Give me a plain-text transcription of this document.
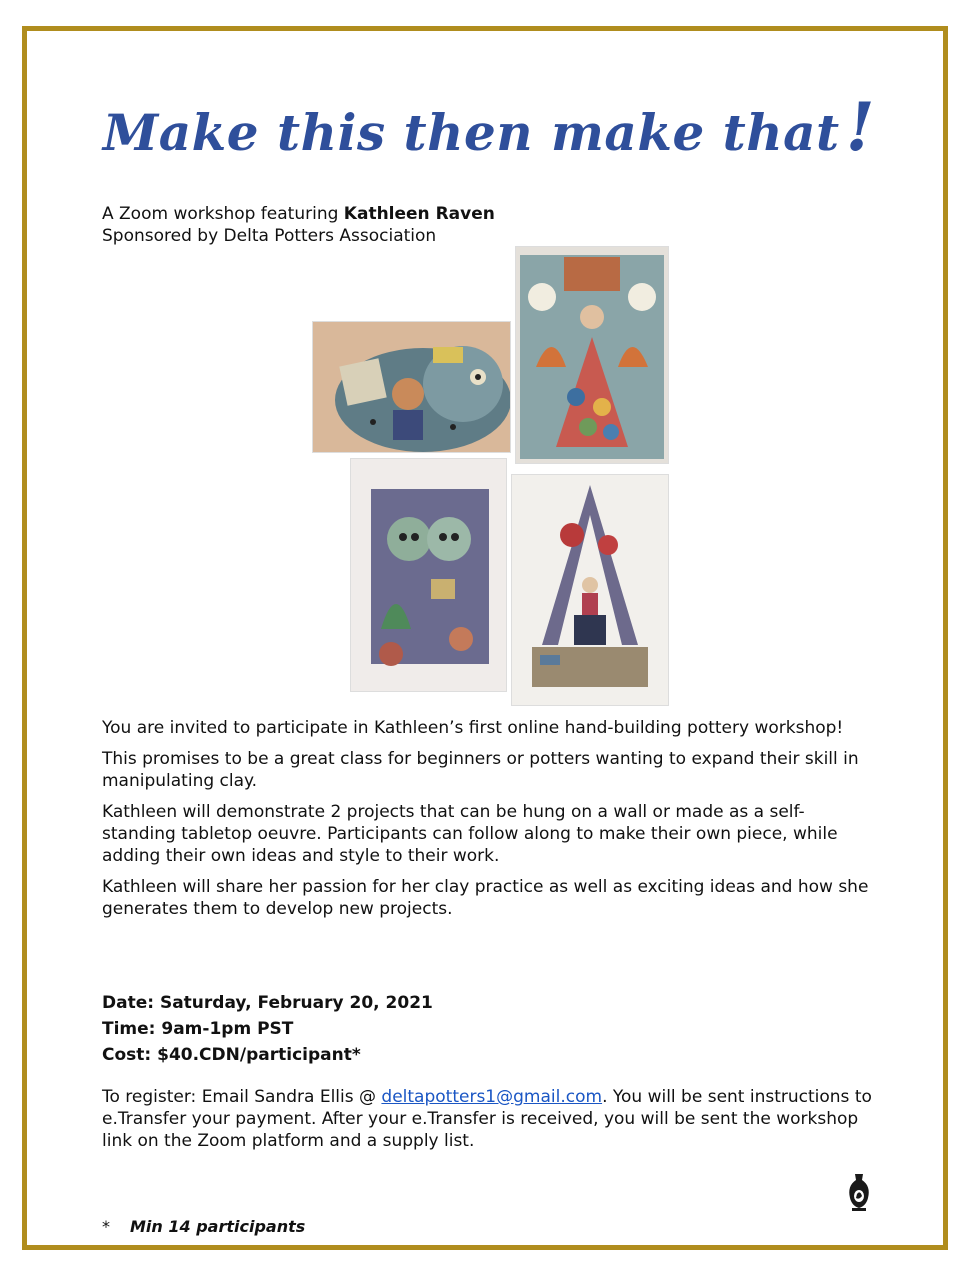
Make this then make that!
A Zoom workshop featuring Kathleen Raven
Sponsored by Delta Potters Association

You are invited to participate in Kathleen’s first online hand-building pottery workshop!

This promises to be a great class for beginners or potters wanting to expand their skill in manipulating clay.

Kathleen will demonstrate 2 projects that can be hung on a wall or made as a self-standing tabletop oeuvre. Participants can follow along to make their own piece, while adding their own ideas and style to their work.

Kathleen will share her passion for her clay practice as well as exciting ideas and how she generates them to develop new projects.

Date: Saturday, February 20, 2021
Time: 9am-1pm PST
Cost: $40.CDN/participant*
To register: Email Sandra Ellis @ deltapotters1@gmail.com. You will be sent instructions to e.Transfer your payment. After your e.Transfer is received, you will be sent the workshop link on the Zoom platform and a supply list.
* Min 14 participants
